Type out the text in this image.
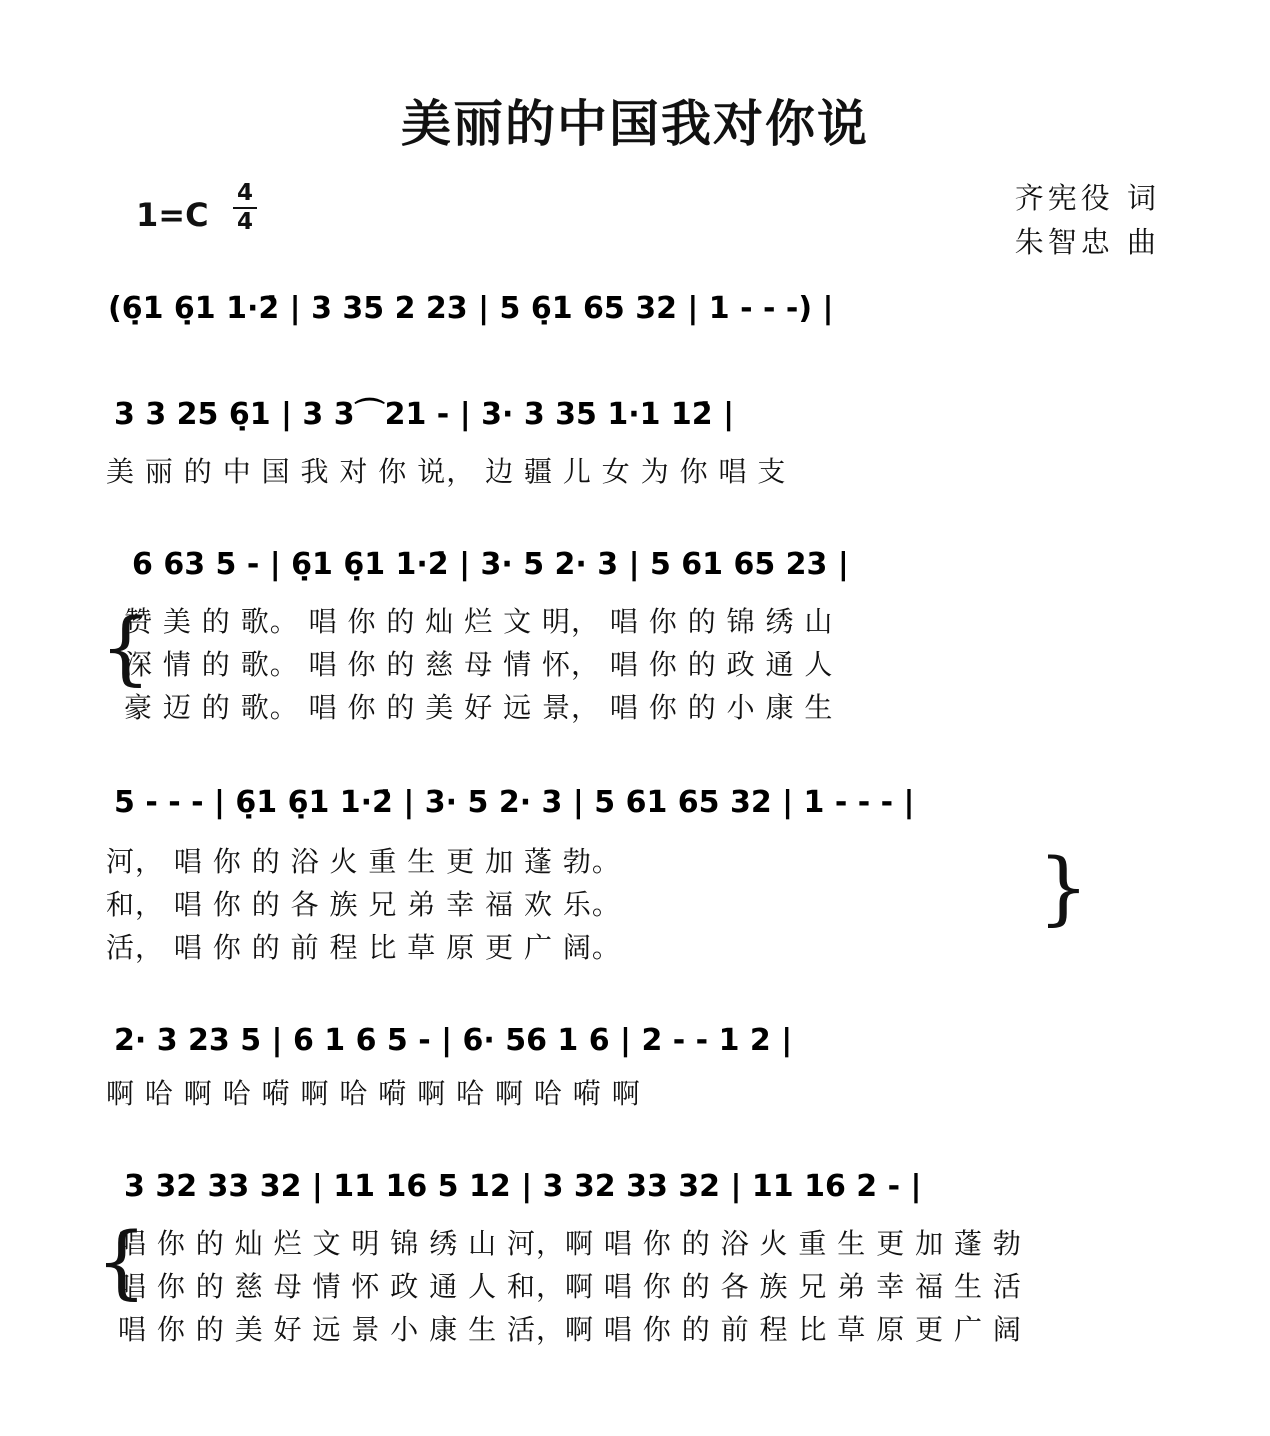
美丽的中国我对你说
1=C
4
4
齐宪役 词
朱智忠 曲
(6̣1 6̣1 1·2̇ | 3 35 2 23 | 5 6̣1 65 32 | 1 - - -) |
3 3 25 6̣1 | 3 3⌒21 - | 3· 3 35 1·1 12̇ |
美 丽 的 中 国 我 对 你 说， 边 疆 儿 女 为 你 唱 支
6 63 5 - | 6̣1 6̣1 1·2̇ | 3· 5 2· 3 | 5 61 65 23 |
{
赞 美 的 歌。 唱 你 的 灿 烂 文 明， 唱 你 的 锦 绣 山
深 情 的 歌。 唱 你 的 慈 母 情 怀， 唱 你 的 政 通 人
豪 迈 的 歌。 唱 你 的 美 好 远 景， 唱 你 的 小 康 生
5 - - - | 6̣1 6̣1 1·2̇ | 3· 5 2· 3 | 5 61 65 32 | 1 - - - |
河， 唱 你 的 浴 火 重 生 更 加 蓬 勃。
和， 唱 你 的 各 族 兄 弟 幸 福 欢 乐。
活， 唱 你 的 前 程 比 草 原 更 广 阔。
}
2· 3 23 5 | 6 1 6 5 - | 6· 56 1 6 | 2 - - 1 2 |
啊 哈 啊 哈 嗬 啊 哈 嗬 啊 哈 啊 哈 嗬 啊
3 32 33 32 | 11 16 5 12 | 3 32 33 32 | 11 16 2 - |
{
唱 你 的 灿 烂 文 明 锦 绣 山 河，啊 唱 你 的 浴 火 重 生 更 加 蓬 勃
唱 你 的 慈 母 情 怀 政 通 人 和，啊 唱 你 的 各 族 兄 弟 幸 福 生 活
唱 你 的 美 好 远 景 小 康 生 活，啊 唱 你 的 前 程 比 草 原 更 广 阔
